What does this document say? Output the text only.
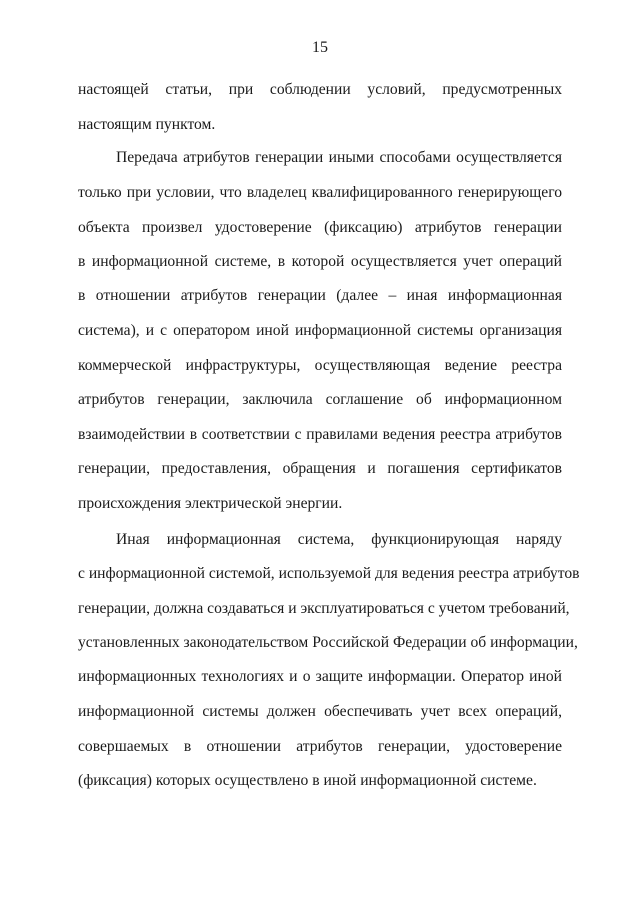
15
настоящей статьи, при соблюдении условий, предусмотренных
настоящим пунктом.
Передача атрибутов генерации иными способами осуществляется
только при условии, что владелец квалифицированного генерирующего
объекта произвел удостоверение (фиксацию) атрибутов генерации
в информационной системе, в которой осуществляется учет операций
в отношении атрибутов генерации (далее – иная информационная
система), и с оператором иной информационной системы организация
коммерческой инфраструктуры, осуществляющая ведение реестра
атрибутов генерации, заключила соглашение об информационном
взаимодействии в соответствии с правилами ведения реестра атрибутов
генерации, предоставления, обращения и погашения сертификатов
происхождения электрической энергии.
Иная информационная система, функционирующая наряду
с информационной системой, используемой для ведения реестра атрибутов
генерации, должна создаваться и эксплуатироваться с учетом требований,
установленных законодательством Российской Федерации об информации,
информационных технологиях и о защите информации. Оператор иной
информационной системы должен обеспечивать учет всех операций,
совершаемых в отношении атрибутов генерации, удостоверение
(фиксация) которых осуществлено в иной информационной системе.
